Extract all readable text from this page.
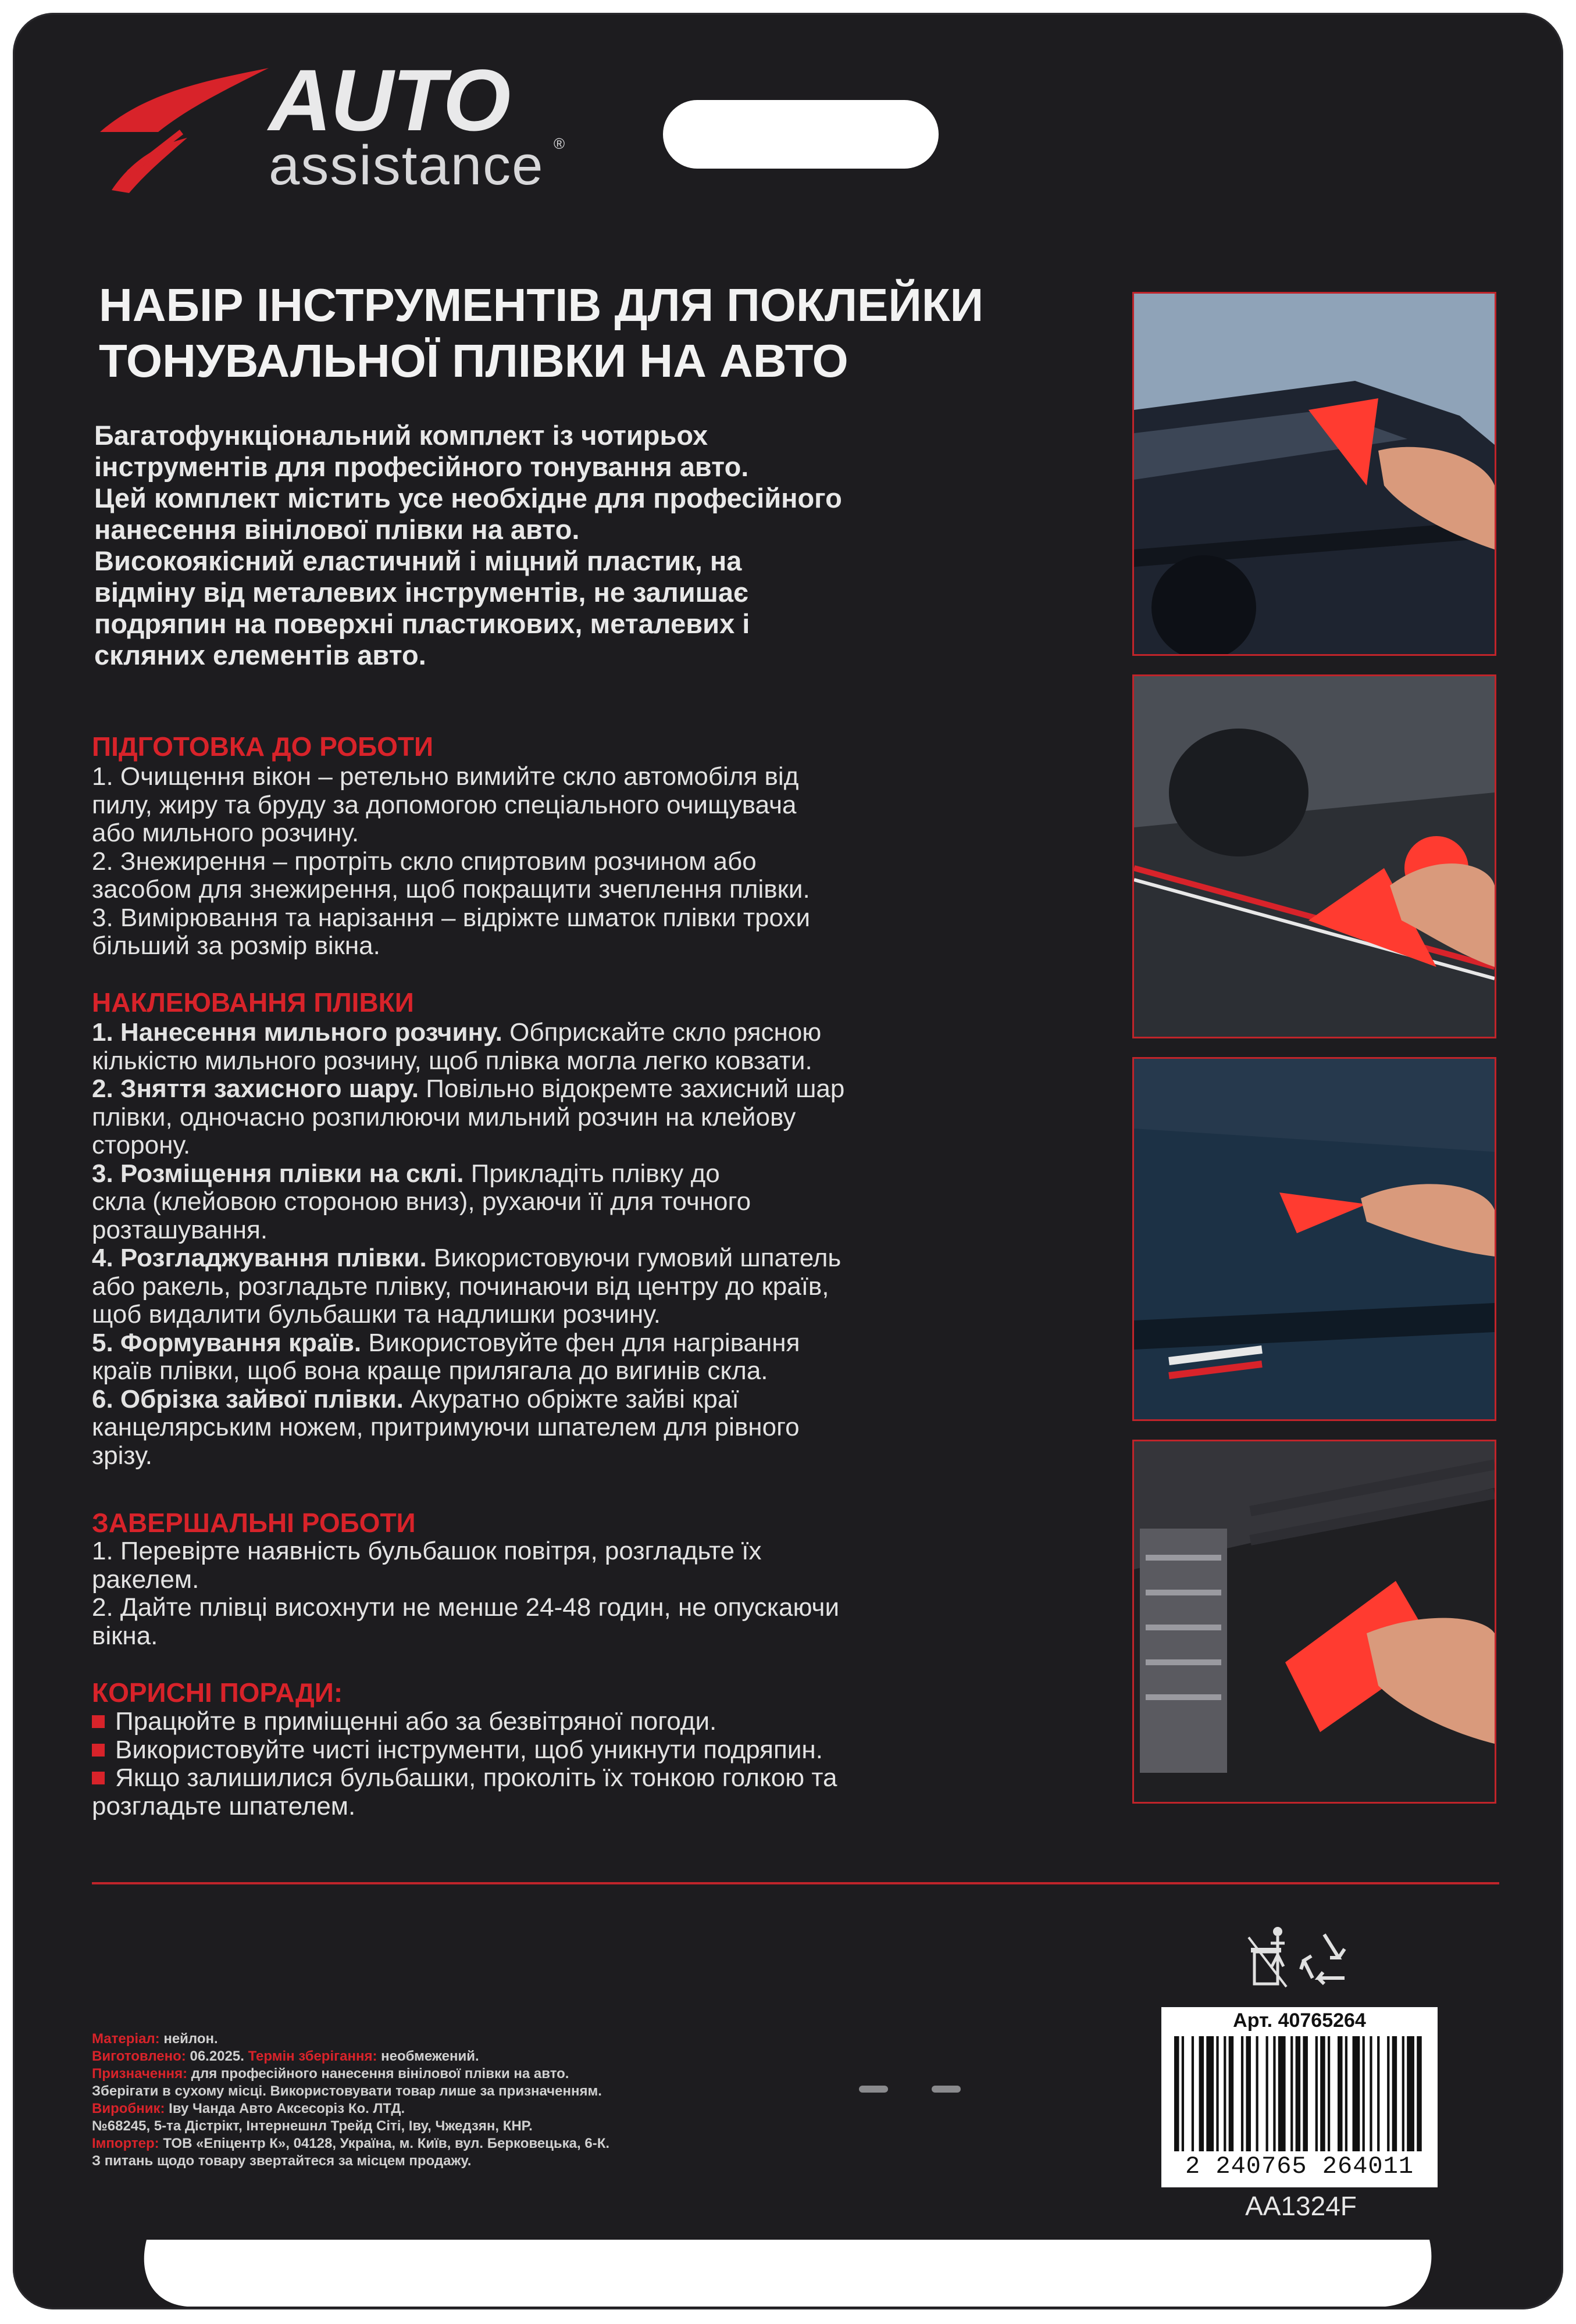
AUTO
assistance ®
НАБІР ІНСТРУМЕНТІВ ДЛЯ ПОКЛЕЙКИ
ТОНУВАЛЬНОЇ ПЛІВКИ НА АВТО
Багатофункціональний комплект із чотирьох
інструментів для професійного тонування авто.
Цей комплект містить усе необхідне для професійного
нанесення вінілової плівки на авто.
Високоякісний еластичний і міцний пластик, на
відміну від металевих інструментів, не залишає
подряпин на поверхні пластикових, металевих і
скляних елементів авто.
ПІДГОТОВКА ДО РОБОТИ
1. Очищення вікон – ретельно вимийте скло автомобіля від
пилу, жиру та бруду за допомогою спеціального очищувача
або мильного розчину.
2. Знежирення – протріть скло спиртовим розчином або
засобом для знежирення, щоб покращити зчеплення плівки.
3. Вимірювання та нарізання – відріжте шматок плівки трохи
більший за розмір вікна.
НАКЛЕЮВАННЯ ПЛІВКИ
1. Нанесення мильного розчину. Обприскайте скло рясною
кількістю мильного розчину, щоб плівка могла легко ковзати.
2. Зняття захисного шару. Повільно відокремте захисний шар
плівки, одночасно розпилюючи мильний розчин на клейову
сторону.
3. Розміщення плівки на склі. Прикладіть плівку до
скла (клейовою стороною вниз), рухаючи її для точного
розташування.
4. Розгладжування плівки. Використовуючи гумовий шпатель
або ракель, розгладьте плівку, починаючи від центру до країв,
щоб видалити бульбашки та надлишки розчину.
5. Формування країв. Використовуйте фен для нагрівання
країв плівки, щоб вона краще прилягала до вигинів скла.
6. Обрізка зайвої плівки. Акуратно обріжте зайві краї
канцелярським ножем, притримуючи шпателем для рівного
зрізу.
ЗАВЕРШАЛЬНІ РОБОТИ
1. Перевірте наявність бульбашок повітря, розгладьте їх
ракелем.
2. Дайте плівці висохнути не менше 24-48 годин, не опускаючи
вікна.
КОРИСНІ ПОРАДИ:
Працюйте в приміщенні або за безвітряної погоди.
Використовуйте чисті інструменти, щоб уникнути подряпин.
Якщо залишилися бульбашки, проколіть їх тонкою голкою та
розгладьте шпателем.
Матеріал: нейлон.
Виготовлено: 06.2025. Термін зберігання: необмежений.
Призначення: для професійного нанесення вінілової плівки на авто.
Зберігати в сухому місці. Використовувати товар лише за призначенням.
Виробник: Іву Чанда Авто Аксесорiз Ко. ЛТД.
№68245, 5-та Дістрікт, Інтернешнл Трейд Сіті, Іву, Чжедзян, КНР.
Імпортер: ТОВ «Епіцентр К», 04128, Україна, м. Київ, вул. Берковецька, 6-К.
З питань щодо товару звертайтеся за місцем продажу.
Арт. 40765264
2 240765 264011
AA1324F
